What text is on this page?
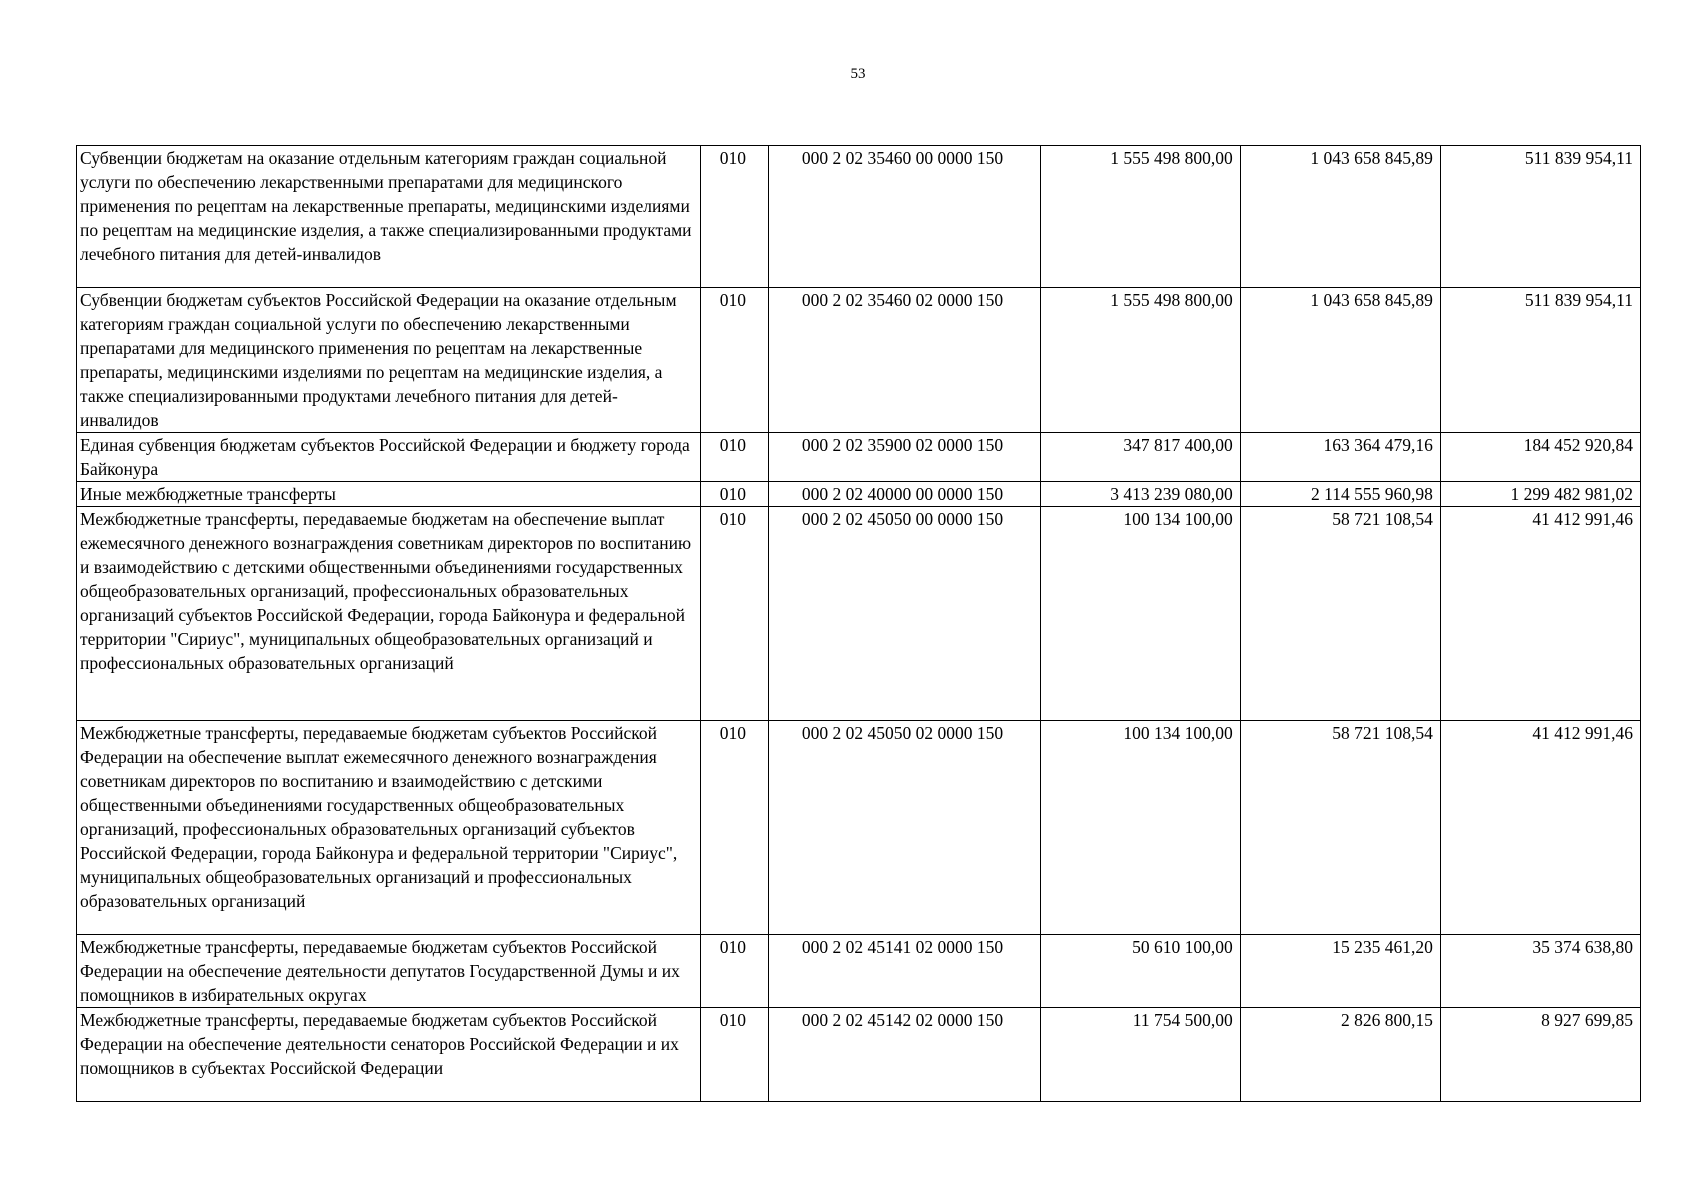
53
Субвенции бюджетам на оказание отдельным категориям граждан социальной услуги по обеспечению лекарственными препаратами для медицинского применения по рецептам на лекарственные препараты, медицинскими изделиями по рецептам на медицинские изделия, а также специализированными продуктами лечебного питания для детей-инвалидов	010	000 2 02 35460 00 0000 150	1 555 498 800,00	1 043 658 845,89	511 839 954,11
Субвенции бюджетам субъектов Российской Федерации на оказание отдельным категориям граждан социальной услуги по обеспечению лекарственными препаратами для медицинского применения по рецептам на лекарственные препараты, медицинскими изделиями по рецептам на медицинские изделия, а также специализированными продуктами лечебного питания для детей-инвалидов	010	000 2 02 35460 02 0000 150	1 555 498 800,00	1 043 658 845,89	511 839 954,11
Единая субвенция бюджетам субъектов Российской Федерации и бюджету города Байконура	010	000 2 02 35900 02 0000 150	347 817 400,00	163 364 479,16	184 452 920,84
Иные межбюджетные трансферты	010	000 2 02 40000 00 0000 150	3 413 239 080,00	2 114 555 960,98	1 299 482 981,02
Межбюджетные трансферты, передаваемые бюджетам на обеспечение выплат ежемесячного денежного вознаграждения советникам директоров по воспитанию и взаимодействию с детскими общественными объединениями государственных общеобразовательных организаций, профессиональных образовательных организаций субъектов Российской Федерации, города Байконура и федеральной территории "Сириус", муниципальных общеобразовательных организаций и профессиональных образовательных организаций	010	000 2 02 45050 00 0000 150	100 134 100,00	58 721 108,54	41 412 991,46
Межбюджетные трансферты, передаваемые бюджетам субъектов Российской Федерации на обеспечение выплат ежемесячного денежного вознаграждения советникам директоров по воспитанию и взаимодействию с детскими общественными объединениями государственных общеобразовательных организаций, профессиональных образовательных организаций субъектов Российской Федерации, города Байконура и федеральной территории "Сириус", муниципальных общеобразовательных организаций и профессиональных образовательных организаций	010	000 2 02 45050 02 0000 150	100 134 100,00	58 721 108,54	41 412 991,46
Межбюджетные трансферты, передаваемые бюджетам субъектов Российской Федерации на обеспечение деятельности депутатов Государственной Думы и их помощников в избирательных округах	010	000 2 02 45141 02 0000 150	50 610 100,00	15 235 461,20	35 374 638,80
Межбюджетные трансферты, передаваемые бюджетам субъектов Российской Федерации на обеспечение деятельности сенаторов Российской Федерации и их помощников в субъектах Российской Федерации	010	000 2 02 45142 02 0000 150	11 754 500,00	2 826 800,15	8 927 699,85
